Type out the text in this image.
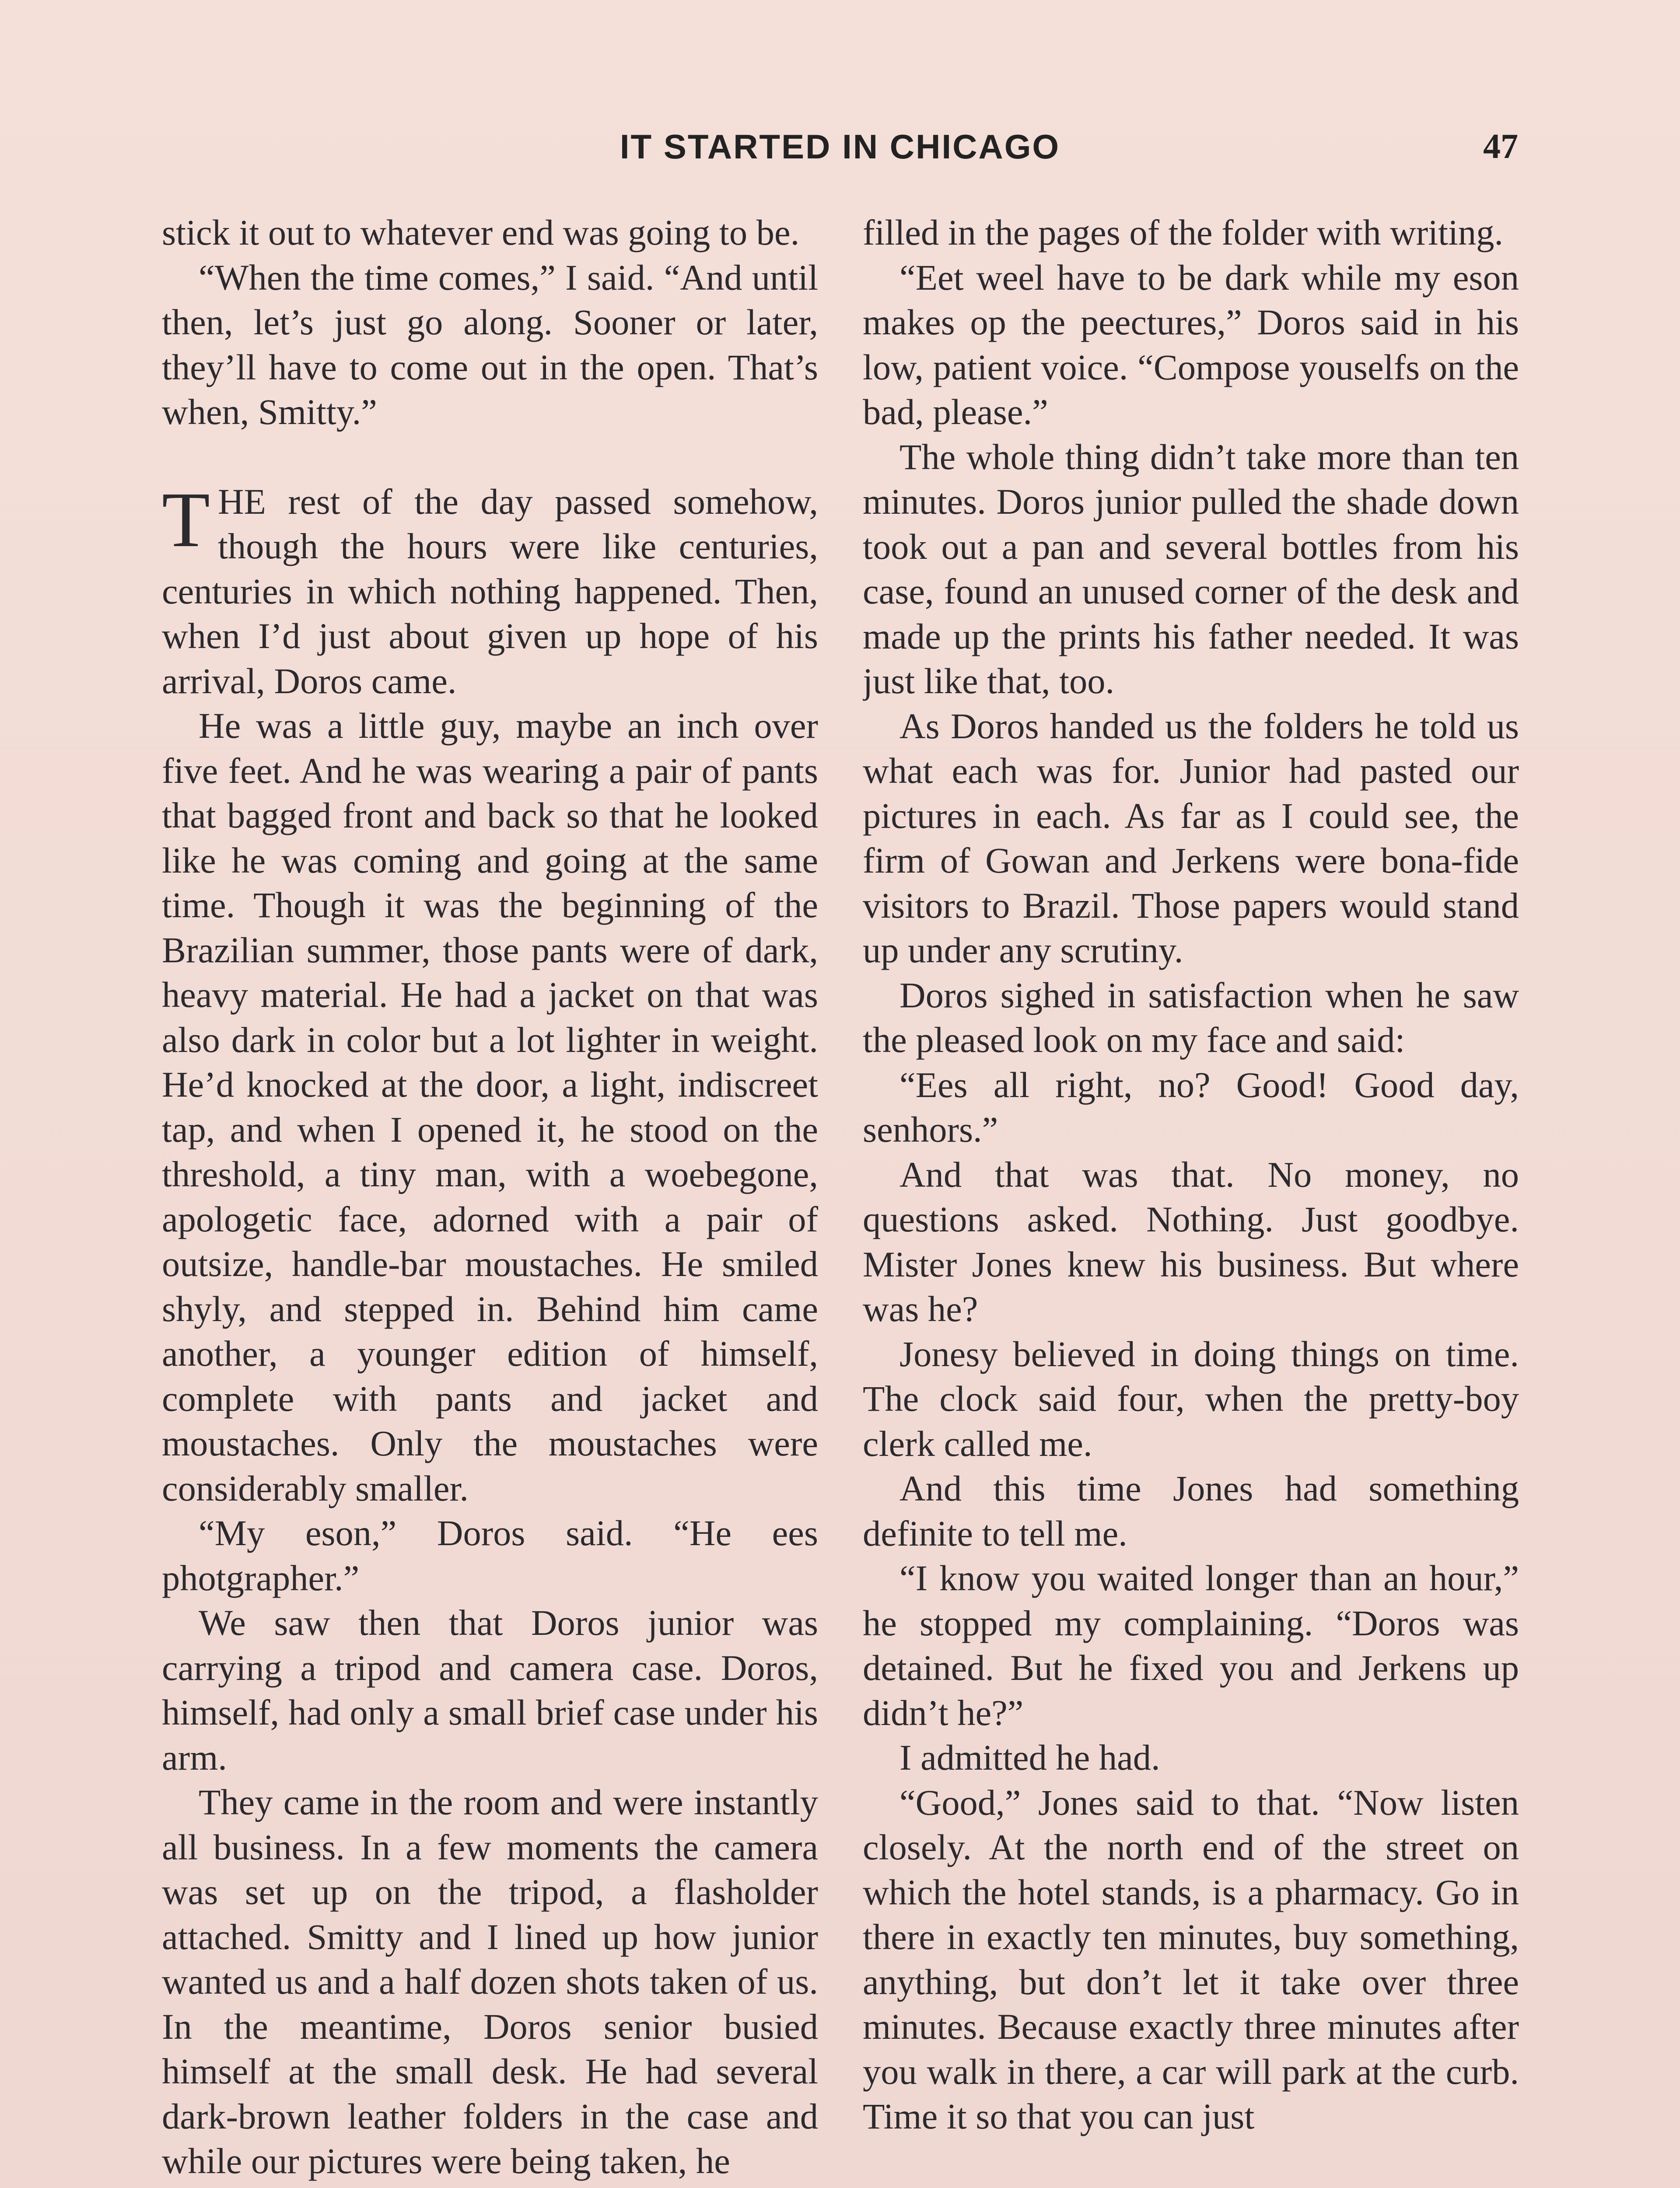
IT STARTED IN CHICAGO	47

stick it out to whatever end was going to be.

“When the time comes,” I said. “And until then, let’s just go along. Sooner or later, they’ll have to come out in the open. That’s when, Smitty.”

THE rest of the day passed somehow, though the hours were like centuries, centuries in which nothing happened. Then, when I’d just about given up hope of his arrival, Doros came.

He was a little guy, maybe an inch over five feet. And he was wearing a pair of pants that bagged front and back so that he looked like he was coming and going at the same time. Though it was the beginning of the Brazilian summer, those pants were of dark, heavy material. He had a jacket on that was also dark in color but a lot lighter in weight. He’d knocked at the door, a light, indiscreet tap, and when I opened it, he stood on the threshold, a tiny man, with a woebegone, apologetic face, adorned with a pair of outsize, handle-bar moustaches. He smiled shyly, and stepped in. Behind him came another, a younger edition of himself, complete with pants and jacket and moustaches. Only the moustaches were considerably smaller.

“My eson,” Doros said. “He ees photgrapher.”

We saw then that Doros junior was carrying a tripod and camera case. Doros, himself, had only a small brief case under his arm.

They came in the room and were instantly all business. In a few moments the camera was set up on the tripod, a flasholder attached. Smitty and I lined up how junior wanted us and a half dozen shots taken of us. In the meantime, Doros senior busied himself at the small desk. He had several dark-brown leather folders in the case and while our pictures were being taken, he

filled in the pages of the folder with writing.

“Eet weel have to be dark while my eson makes op the peectures,” Doros said in his low, patient voice. “Compose youselfs on the bad, please.”

The whole thing didn’t take more than ten minutes. Doros junior pulled the shade down took out a pan and several bottles from his case, found an unused corner of the desk and made up the prints his father needed. It was just like that, too.

As Doros handed us the folders he told us what each was for. Junior had pasted our pictures in each. As far as I could see, the firm of Gowan and Jerkens were bona-fide visitors to Brazil. Those papers would stand up under any scrutiny.

Doros sighed in satisfaction when he saw the pleased look on my face and said:

“Ees all right, no? Good! Good day, senhors.”

And that was that. No money, no questions asked. Nothing. Just goodbye. Mister Jones knew his business. But where was he?

Jonesy believed in doing things on time. The clock said four, when the pretty-boy clerk called me.

And this time Jones had something definite to tell me.

“I know you waited longer than an hour,” he stopped my complaining. “Doros was detained. But he fixed you and Jerkens up didn’t he?”

I admitted he had.

“Good,” Jones said to that. “Now listen closely. At the north end of the street on which the hotel stands, is a pharmacy. Go in there in exactly ten minutes, buy something, anything, but don’t let it take over three minutes. Because exactly three minutes after you walk in there, a car will park at the curb. Time it so that you can just
